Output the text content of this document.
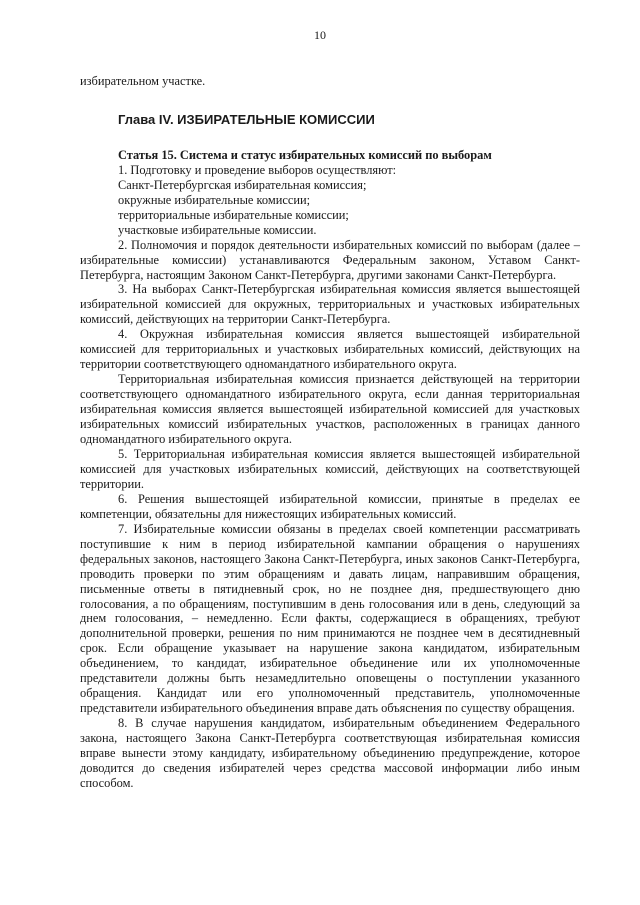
10

избирательном участке.

Глава IV. ИЗБИРАТЕЛЬНЫЕ КОМИССИИ

Статья 15. Система и статус избирательных комиссий по выборам

1. Подготовку и проведение выборов осуществляют:

Санкт-Петербургская избирательная комиссия;

окружные избирательные комиссии;

территориальные избирательные комиссии;

участковые избирательные комиссии.

2. Полномочия и порядок деятельности избирательных комиссий по выборам (далее – избирательные комиссии) устанавливаются Федеральным законом, Уставом Санкт-Петербурга, настоящим Законом Санкт-Петербурга, другими законами Санкт-Петербурга.

3. На выборах Санкт-Петербургская избирательная комиссия является вышестоящей избирательной комиссией для окружных, территориальных и участковых избирательных комиссий, действующих на территории Санкт-Петербурга.

4. Окружная избирательная комиссия является вышестоящей избирательной комиссией для территориальных и участковых избирательных комиссий, действующих на территории соответствующего одномандатного избирательного округа.

Территориальная избирательная комиссия признается действующей на территории соответствующего одномандатного избирательного округа, если данная территориальная избирательная комиссия является вышестоящей избирательной комиссией для участковых избирательных комиссий избирательных участков, расположенных в границах данного одномандатного избирательного округа.

5. Территориальная избирательная комиссия является вышестоящей избирательной комиссией для участковых избирательных комиссий, действующих на соответствующей территории.

6. Решения вышестоящей избирательной комиссии, принятые в пределах ее компетенции, обязательны для нижестоящих избирательных комиссий.

7. Избирательные комиссии обязаны в пределах своей компетенции рассматривать поступившие к ним в период избирательной кампании обращения о нарушениях федеральных законов, настоящего Закона Санкт-Петербурга, иных законов Санкт-Петербурга, проводить проверки по этим обращениям и давать лицам, направившим обращения, письменные ответы в пятидневный срок, но не позднее дня, предшествующего дню голосования, а по обращениям, поступившим в день голосования или в день, следующий за днем голосования, – немедленно. Если факты, содержащиеся в обращениях, требуют дополнительной проверки, решения по ним принимаются не позднее чем в десятидневный срок. Если обращение указывает на нарушение закона кандидатом, избирательным объединением, то кандидат, избирательное объединение или их уполномоченные представители должны быть незамедлительно оповещены о поступлении указанного обращения. Кандидат или его уполномоченный представитель, уполномоченные представители избирательного объединения вправе дать объяснения по существу обращения.

8. В случае нарушения кандидатом, избирательным объединением Федерального закона, настоящего Закона Санкт-Петербурга соответствующая избирательная комиссия вправе вынести этому кандидату, избирательному объединению предупреждение, которое доводится до сведения избирателей через средства массовой информации либо иным способом.
